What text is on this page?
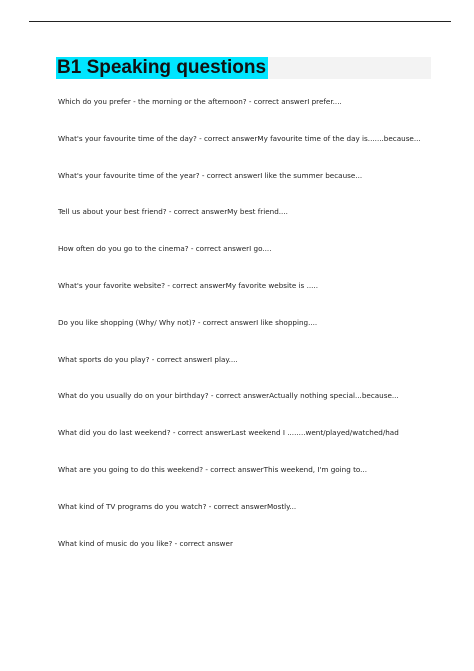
B1 Speaking questions
Which do you prefer - the morning or the afternoon? - correct answerI prefer....
What's your favourite time of the day? - correct answerMy favourite time of the day is.......because...
What's your favourite time of the year? - correct answerI like the summer because...
Tell us about your best friend? - correct answerMy best friend....
How often do you go to the cinema? - correct answerI go....
What's your favorite website? - correct answerMy favorite website is .....
Do you like shopping (Why/ Why not)? - correct answerI like shopping....
What sports do you play? - correct answerI play....
What do you usually do on your birthday? - correct answerActually nothing special...because...
What did you do last weekend? - correct answerLast weekend I ........went/played/watched/had
What are you going to do this weekend? - correct answerThis weekend, I'm going to...
What kind of TV programs do you watch? - correct answerMostly...
What kind of music do you like? - correct answer
